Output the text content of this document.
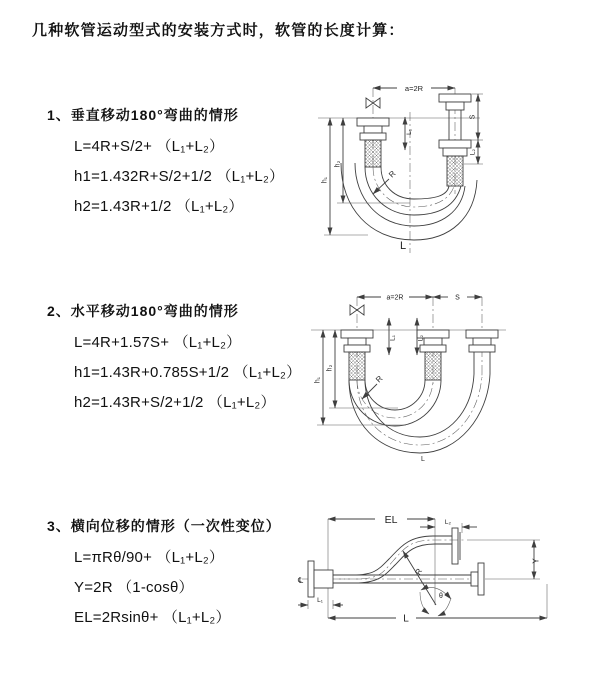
几种软管运动型式的安装方式时，软管的长度计算：
1、垂直移动180°弯曲的情形
L=4R+S/2+ （L₁+L₂）
h1=1.432R+S/2+1/2 （L₁+L₂）
h2=1.43R+1/2 （L₁+L₂）
2、水平移动180°弯曲的情形
L=4R+1.57S+ （L₁+L₂）
h1=1.43R+0.785S+1/2 （L₁+L₂）
h2=1.43R+S/2+1/2 （L₁+L₂）
3、横向位移的情形（一次性变位）
L=πRθ/90+ （L₁+L₂）
Y=2R （1-cosθ）
EL=2Rsinθ+ （L₁+L₂）
a=2R
S
L₂
L₁
h₁
h₂
R
L
a=2R	S
L₁	L₂
h₂
h₁	R
L
EL	L₂
Y
R
θ
L
L₁
℄
